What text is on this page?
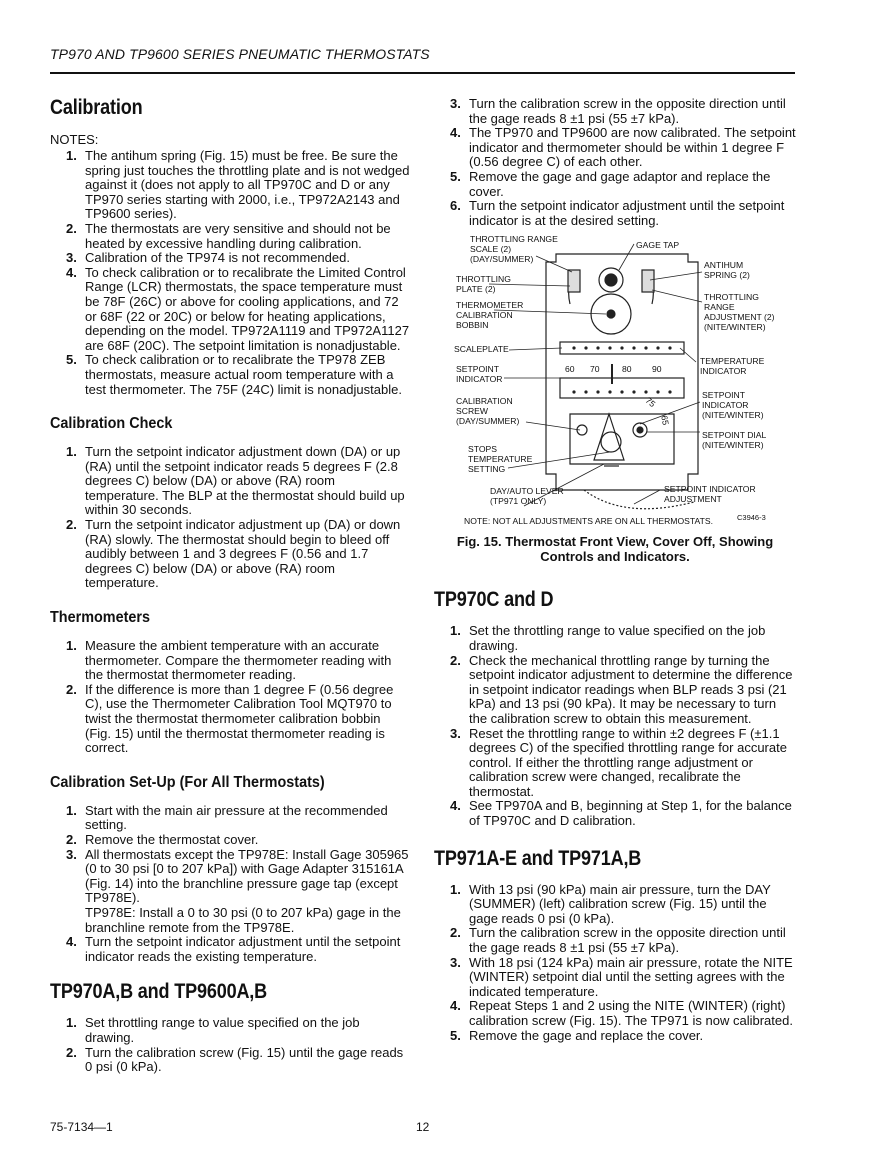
TP970 AND TP9600 SERIES PNEUMATIC THERMOSTATS
Calibration
NOTES:
1. The antihum spring (Fig. 15) must be free. Be sure the spring just touches the throttling plate and is not wedged against it (does not apply to all TP970C and D or any TP970 series starting with 2000, i.e., TP972A2143 and TP9600 series).
2. The thermostats are very sensitive and should not be heated by excessive handling during calibration.
3. Calibration of the TP974 is not recommended.
4. To check calibration or to recalibrate the Limited Control Range (LCR) thermostats, the space temperature must be 78F (26C) or above for cooling applications, and 72 or 68F (22 or 20C) or below for heating applications, depending on the model. TP972A1119 and TP972A1127 are 68F (20C). The setpoint limitation is nonadjustable.
5. To check calibration or to recalibrate the TP978 ZEB thermostats, measure actual room temperature with a test thermometer. The 75F (24C) limit is nonadjustable.
Calibration Check
1. Turn the setpoint indicator adjustment down (DA) or up (RA) until the setpoint indicator reads 5 degrees F (2.8 degrees C) below (DA) or above (RA) room temperature. The BLP at the thermostat should build up within 30 seconds.
2. Turn the setpoint indicator adjustment up (DA) or down (RA) slowly. The thermostat should begin to bleed off audibly between 1 and 3 degrees F (0.56 and 1.7 degrees C) below (DA) or above (RA) room temperature.
Thermometers
1. Measure the ambient temperature with an accurate thermometer. Compare the thermometer reading with the thermostat thermometer reading.
2. If the difference is more than 1 degree F (0.56 degree C), use the Thermometer Calibration Tool MQT970 to twist the thermostat thermometer calibration bobbin (Fig. 15) until the thermostat thermometer reading is correct.
Calibration Set-Up (For All Thermostats)
1. Start with the main air pressure at the recommended setting.
2. Remove the thermostat cover.
3. All thermostats except the TP978E: Install Gage 305965 (0 to 30 psi [0 to 207 kPa]) with Gage Adapter 315161A (Fig. 14) into the branchline pressure gage tap (except TP978E).
TP978E: Install a 0 to 30 psi (0 to 207 kPa) gage in the branchline remote from the TP978E.
4. Turn the setpoint indicator adjustment until the setpoint indicator reads the existing temperature.
TP970A,B and TP9600A,B
1. Set throttling range to value specified on the job drawing.
2. Turn the calibration screw (Fig. 15) until the gage reads 0 psi (0 kPa).
3. Turn the calibration screw in the opposite direction until the gage reads 8 ±1 psi (55 ±7 kPa).
4. The TP970 and TP9600 are now calibrated. The setpoint indicator and thermometer should be within 1 degree F (0.56 degree C) of each other.
5. Remove the gage and gage adaptor and replace the cover.
6. Turn the setpoint indicator adjustment until the setpoint indicator is at the desired setting.
60 70	80 90
75
65
THROTTLING RANGE SCALE (2) (DAY/SUMMER)
GAGE TAP
ANTIHUM SPRING (2)
THROTTLING PLATE (2)
THROTTLING RANGE ADJUSTMENT (2) (NITE/WINTER)
THERMOMETER CALIBRATION BOBBIN
SCALEPLATE
TEMPERATURE INDICATOR
SETPOINT INDICATOR
SETPOINT INDICATOR (NITE/WINTER)
CALIBRATION SCREW (DAY/SUMMER)
SETPOINT DIAL (NITE/WINTER)
STOPS TEMPERATURE SETTING
DAY/AUTO LEVER (TP971 ONLY)
SETPOINT INDICATOR ADJUSTMENT
NOTE: NOT ALL ADJUSTMENTS ARE ON ALL THERMOSTATS.	C3946-3
Fig. 15. Thermostat Front View, Cover Off, Showing
Controls and Indicators.
TP970C and D
1. Set the throttling range to value specified on the job drawing.
2. Check the mechanical throttling range by turning the setpoint indicator adjustment to determine the difference in setpoint indicator readings when BLP reads 3 psi (21 kPa) and 13 psi (90 kPa). It may be necessary to turn the calibration screw to obtain this measurement.
3. Reset the throttling range to within ±2 degrees F (±1.1 degrees C) of the specified throttling range for accurate control. If either the throttling range adjustment or calibration screw were changed, recalibrate the thermostat.
4. See TP970A and B, beginning at Step 1, for the balance of TP970C and D calibration.
TP971A-E and TP971A,B
1. With 13 psi (90 kPa) main air pressure, turn the DAY (SUMMER) (left) calibration screw (Fig. 15) until the gage reads 0 psi (0 kPa).
2. Turn the calibration screw in the opposite direction until the gage reads 8 ±1 psi (55 ±7 kPa).
3. With 18 psi (124 kPa) main air pressure, rotate the NITE (WINTER) setpoint dial until the setting agrees with the indicated temperature.
4. Repeat Steps 1 and 2 using the NITE (WINTER) (right) calibration screw (Fig. 15). The TP971 is now calibrated.
5. Remove the gage and replace the cover.
75-7134—1	12
